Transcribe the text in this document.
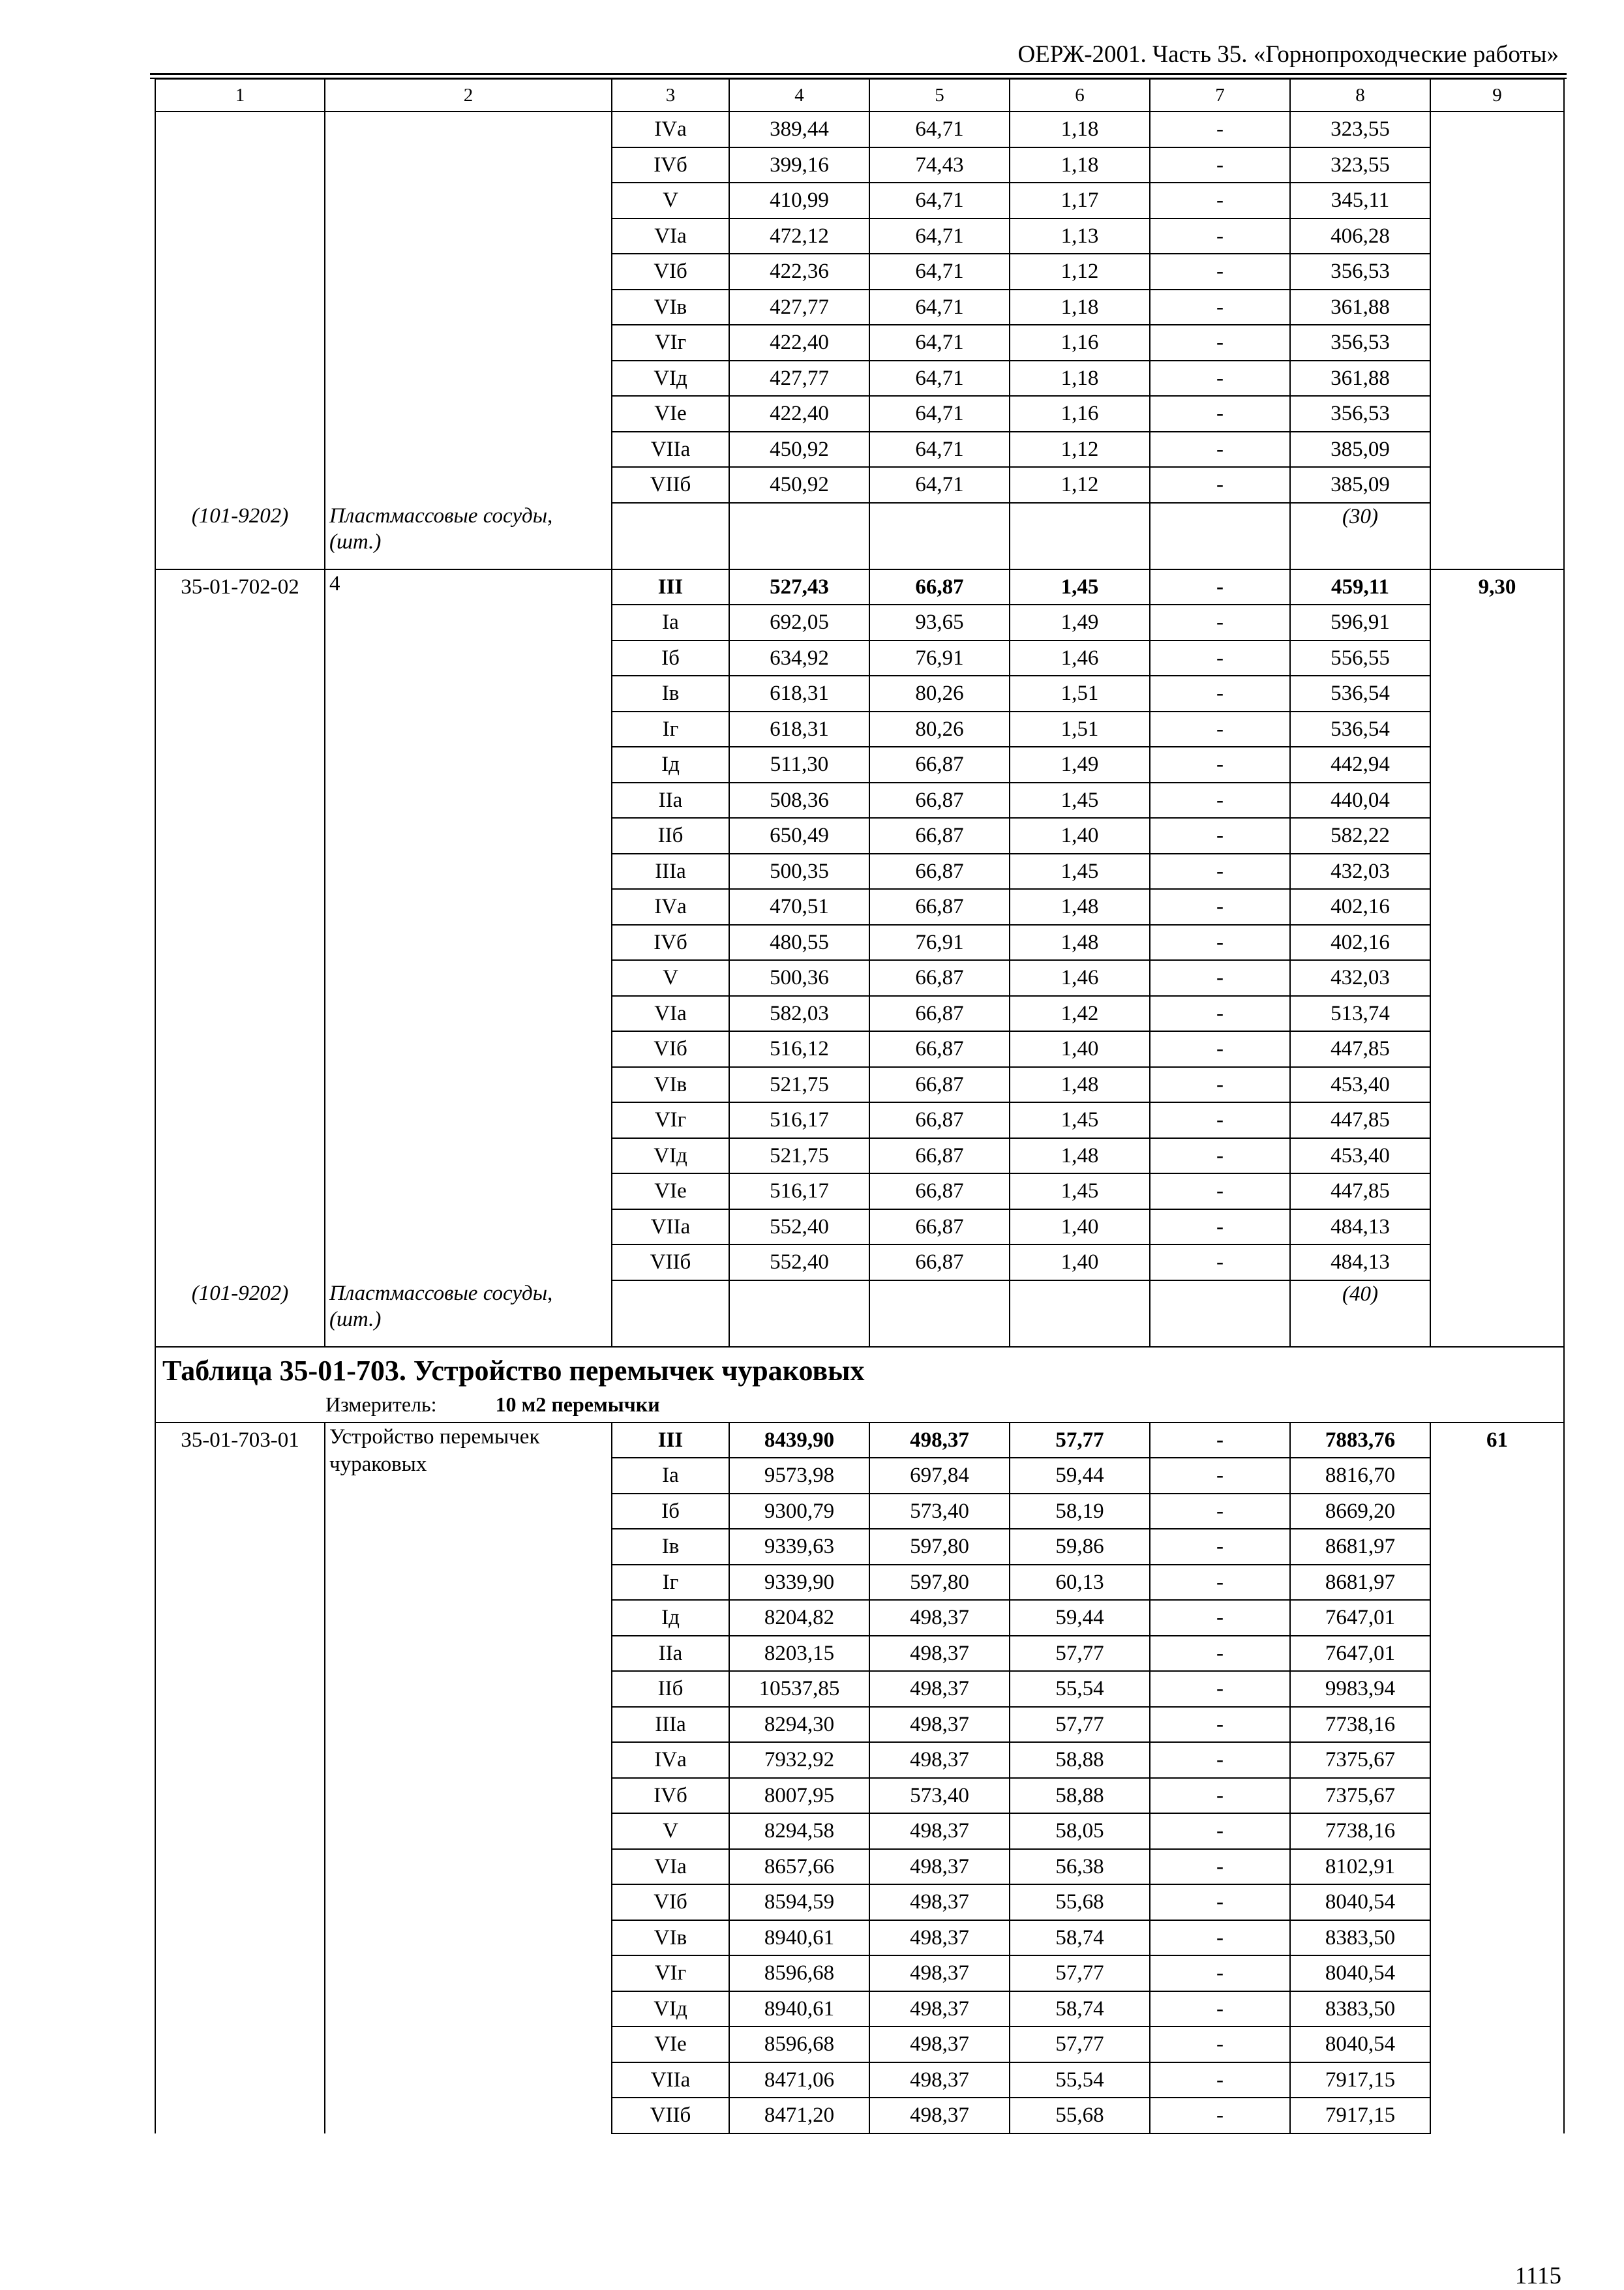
ОЕРЖ-2001. Часть 35. «Горнопроходческие работы»
1	2	3	4	5	6	7	8	9
		IVа	389,44	64,71	1,18	-	323,55	
		IVб	399,16	74,43	1,18	-	323,55	
		V	410,99	64,71	1,17	-	345,11	
		VIа	472,12	64,71	1,13	-	406,28	
		VIб	422,36	64,71	1,12	-	356,53	
		VIв	427,77	64,71	1,18	-	361,88	
		VIг	422,40	64,71	1,16	-	356,53	
		VIд	427,77	64,71	1,18	-	361,88	
		VIе	422,40	64,71	1,16	-	356,53	
		VIIа	450,92	64,71	1,12	-	385,09	
		VIIб	450,92	64,71	1,12	-	385,09	
(101-9202)	Пластмассовые сосуды, (шт.)						(30)	
35-01-702-02	4	III	527,43	66,87	1,45	-	459,11	9,30
		Iа	692,05	93,65	1,49	-	596,91	
		Iб	634,92	76,91	1,46	-	556,55	
		Iв	618,31	80,26	1,51	-	536,54	
		Iг	618,31	80,26	1,51	-	536,54	
		Iд	511,30	66,87	1,49	-	442,94	
		IIа	508,36	66,87	1,45	-	440,04	
		IIб	650,49	66,87	1,40	-	582,22	
		IIIа	500,35	66,87	1,45	-	432,03	
		IVа	470,51	66,87	1,48	-	402,16	
		IVб	480,55	76,91	1,48	-	402,16	
		V	500,36	66,87	1,46	-	432,03	
		VIа	582,03	66,87	1,42	-	513,74	
		VIб	516,12	66,87	1,40	-	447,85	
		VIв	521,75	66,87	1,48	-	453,40	
		VIг	516,17	66,87	1,45	-	447,85	
		VIд	521,75	66,87	1,48	-	453,40	
		VIе	516,17	66,87	1,45	-	447,85	
		VIIа	552,40	66,87	1,40	-	484,13	
		VIIб	552,40	66,87	1,40	-	484,13	
(101-9202)	Пластмассовые сосуды, (шт.)						(40)	

Таблица 35-01-703. Устройство перемычек чураковых
Измеритель: 10 м2 перемычки								

35-01-703-01	Устройство перемычек чураковых	III	8439,90	498,37	57,77	-	7883,76	61
		Iа	9573,98	697,84	59,44	-	8816,70	
		Iб	9300,79	573,40	58,19	-	8669,20	
		Iв	9339,63	597,80	59,86	-	8681,97	
		Iг	9339,90	597,80	60,13	-	8681,97	
		Iд	8204,82	498,37	59,44	-	7647,01	
		IIа	8203,15	498,37	57,77	-	7647,01	
		IIб	10537,85	498,37	55,54	-	9983,94	
		IIIа	8294,30	498,37	57,77	-	7738,16	
		IVа	7932,92	498,37	58,88	-	7375,67	
		IVб	8007,95	573,40	58,88	-	7375,67	
		V	8294,58	498,37	58,05	-	7738,16	
		VIа	8657,66	498,37	56,38	-	8102,91	
		VIб	8594,59	498,37	55,68	-	8040,54	
		VIв	8940,61	498,37	58,74	-	8383,50	
		VIг	8596,68	498,37	57,77	-	8040,54	
		VIд	8940,61	498,37	58,74	-	8383,50	
		VIе	8596,68	498,37	57,77	-	8040,54	
		VIIа	8471,06	498,37	55,54	-	7917,15	
		VIIб	8471,20	498,37	55,68	-	7917,15	
1115
